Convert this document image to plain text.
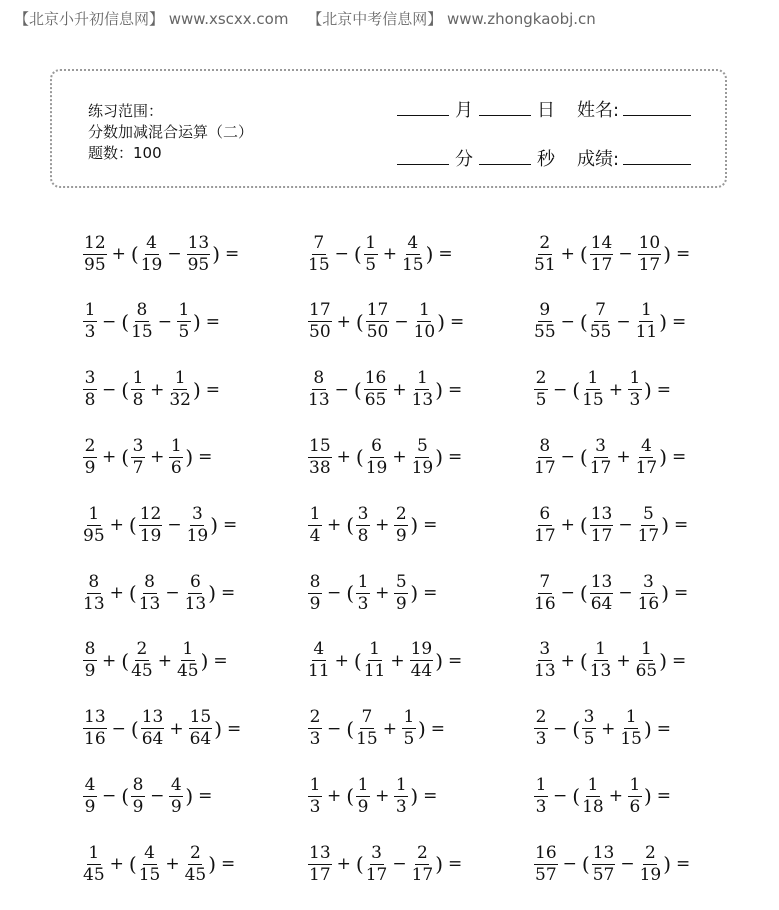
【北京小升初信息网】 www.xscxx.com 【北京中考信息网】 www.zhongkaobj.cn
练习范围：
分数加减混合运算（二）
题数：100
月	日 姓名:
分	秒 成绩:
$\frac{12}{95}$ + ( $\frac{4}{19} - \frac{13}{95}$ ) =	$\frac{7}{15}$ − ( $\frac{1}{5} + \frac{4}{15}$ ) =	$\frac{2}{51}$ + ( $\frac{14}{17} - \frac{10}{17}$ ) =
$\frac{1}{3}$ − ( $\frac{8}{15} - \frac{1}{5}$ ) =	$\frac{17}{50}$ + ( $\frac{17}{50} - \frac{1}{10}$ ) =	$\frac{9}{55}$ − ( $\frac{7}{55} - \frac{1}{11}$ ) =
$\frac{3}{8}$ − ( $\frac{1}{8} + \frac{1}{32}$ ) =	$\frac{8}{13}$ − ( $\frac{16}{65} + \frac{1}{13}$ ) =	$\frac{2}{5}$ − ( $\frac{1}{15} + \frac{1}{3}$ ) =
$\frac{2}{9}$ + ( $\frac{3}{7} + \frac{1}{6}$ ) =	$\frac{15}{38}$ + ( $\frac{6}{19} + \frac{5}{19}$ ) =	$\frac{8}{17}$ − ( $\frac{3}{17} + \frac{4}{17}$ ) =
$\frac{1}{95}$ + ( $\frac{12}{19} - \frac{3}{19}$ ) =	$\frac{1}{4}$ + ( $\frac{3}{8} + \frac{2}{9}$ ) =	$\frac{6}{17}$ + ( $\frac{13}{17} - \frac{5}{17}$ ) =
$\frac{8}{13}$ + ( $\frac{8}{13} - \frac{6}{13}$ ) =	$\frac{8}{9}$ − ( $\frac{1}{3} + \frac{5}{9}$ ) =	$\frac{7}{16}$ − ( $\frac{13}{64} - \frac{3}{16}$ ) =
$\frac{8}{9}$ + ( $\frac{2}{45} + \frac{1}{45}$ ) =	$\frac{4}{11}$ + ( $\frac{1}{11} + \frac{19}{44}$ ) =	$\frac{3}{13}$ + ( $\frac{1}{13} + \frac{1}{65}$ ) =
$\frac{13}{16}$ − ( $\frac{13}{64} + \frac{15}{64}$ ) =	$\frac{2}{3}$ − ( $\frac{7}{15} + \frac{1}{5}$ ) =	$\frac{2}{3}$ − ( $\frac{3}{5} + \frac{1}{15}$ ) =
$\frac{4}{9}$ − ( $\frac{8}{9} - \frac{4}{9}$ ) =	$\frac{1}{3}$ + ( $\frac{1}{9} + \frac{1}{3}$ ) =	$\frac{1}{3}$ − ( $\frac{1}{18} + \frac{1}{6}$ ) =
$\frac{1}{45}$ + ( $\frac{4}{15} + \frac{2}{45}$ ) =	$\frac{13}{17}$ + ( $\frac{3}{17} - \frac{2}{17}$ ) =	$\frac{16}{57}$ − ( $\frac{13}{57} - \frac{2}{19}$ ) =
